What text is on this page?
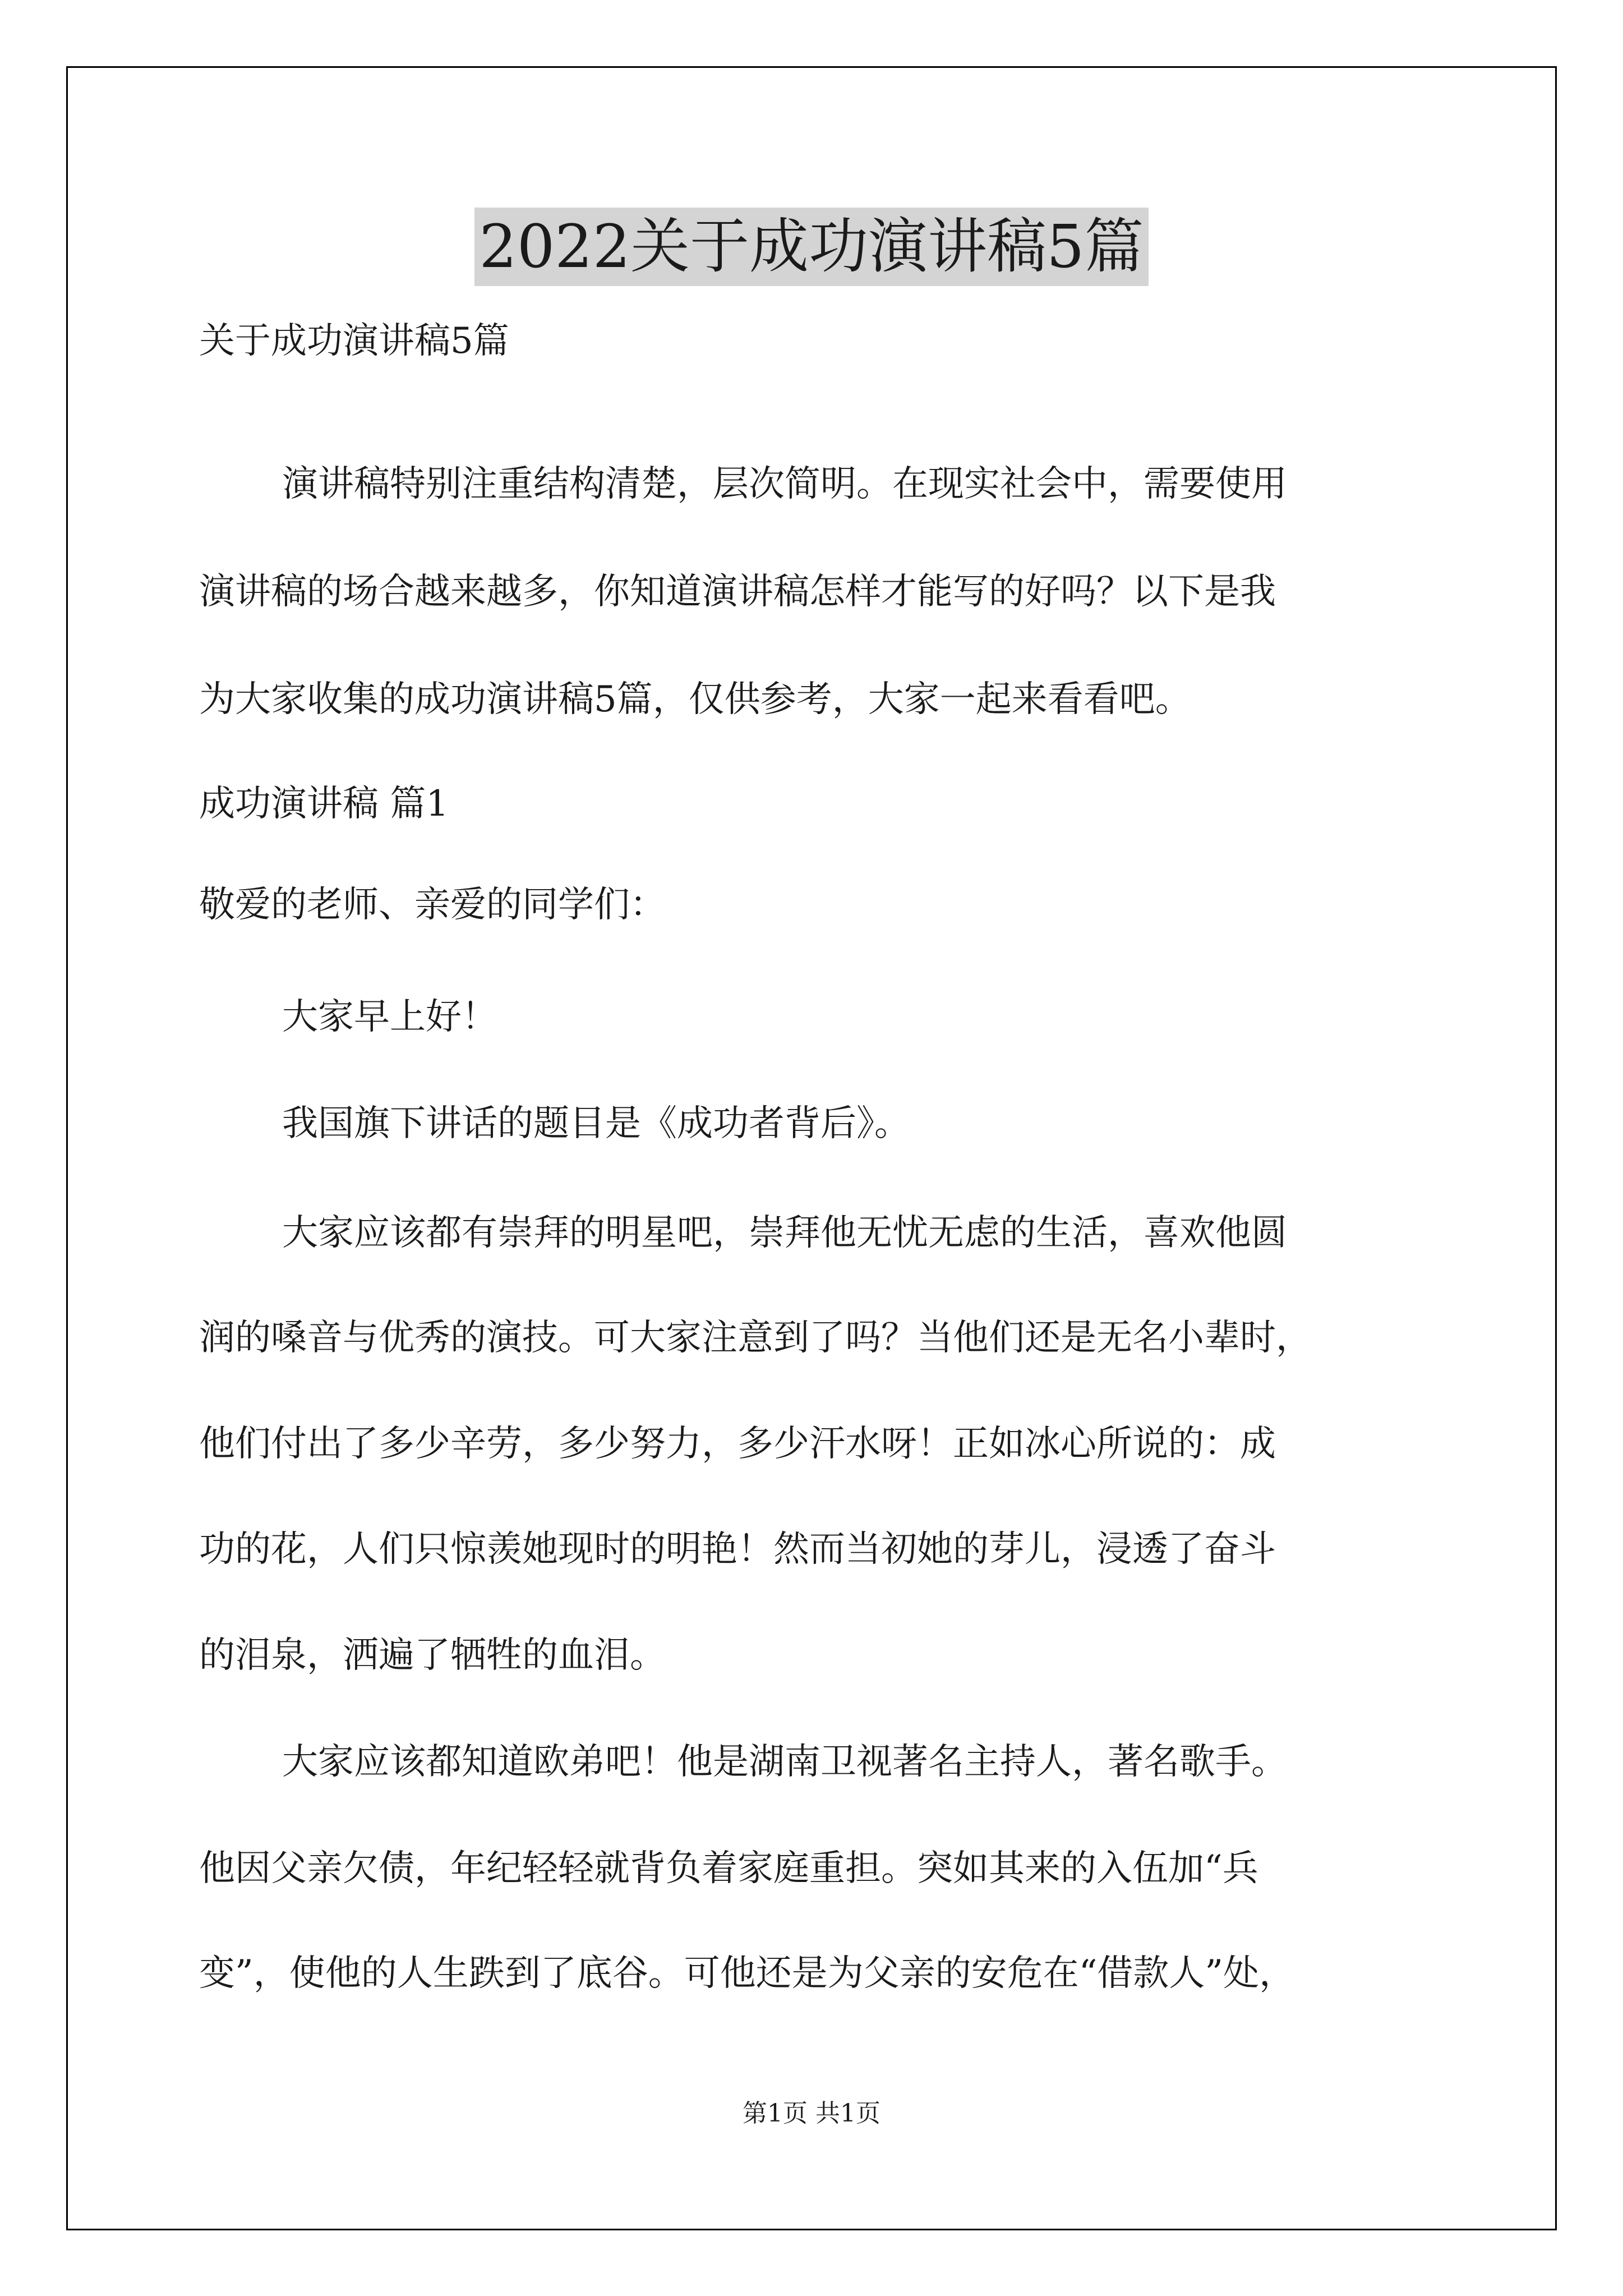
2022关于成功演讲稿5篇
关于成功演讲稿5篇
演讲稿特别注重结构清楚，层次简明。在现实社会中，需要使用
演讲稿的场合越来越多，你知道演讲稿怎样才能写的好吗？以下是我
为大家收集的成功演讲稿5篇，仅供参考，大家一起来看看吧。
成功演讲稿 篇1
敬爱的老师、亲爱的同学们：
大家早上好！
我国旗下讲话的题目是《成功者背后》。
大家应该都有崇拜的明星吧，崇拜他无忧无虑的生活，喜欢他圆
润的嗓音与优秀的演技。可大家注意到了吗？当他们还是无名小辈时，
他们付出了多少辛劳，多少努力，多少汗水呀！正如冰心所说的：成
功的花，人们只惊羡她现时的明艳！然而当初她的芽儿，浸透了奋斗
的泪泉，洒遍了牺牲的血泪。
大家应该都知道欧弟吧！他是湖南卫视著名主持人，著名歌手。
他因父亲欠债，年纪轻轻就背负着家庭重担。突如其来的入伍加“兵
变”，使他的人生跌到了底谷。可他还是为父亲的安危在“借款人”处，
第1页 共1页
